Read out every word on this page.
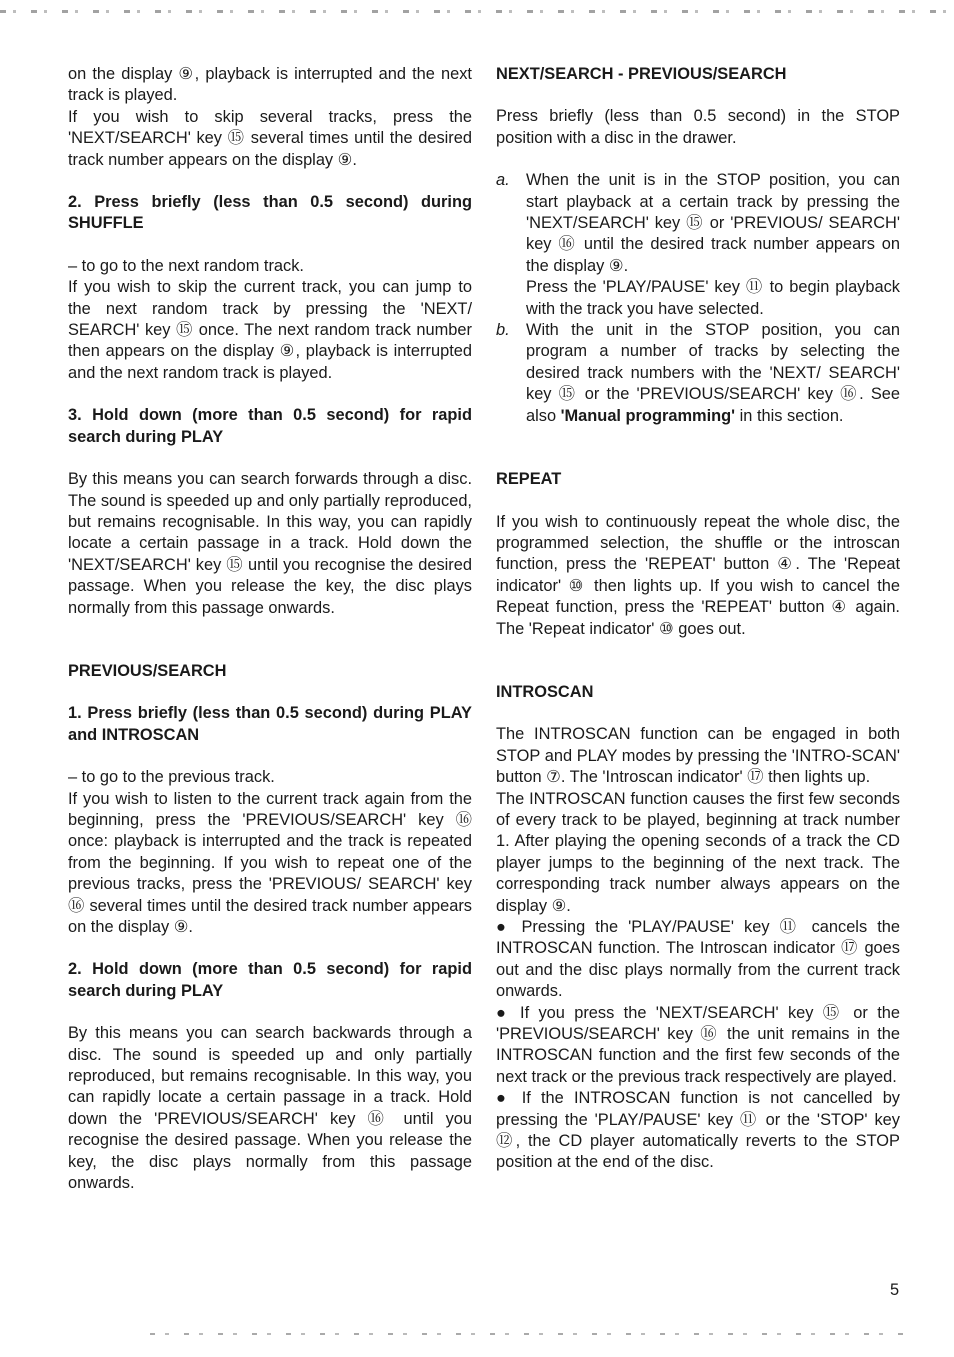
on the display ⑨, playback is interrupted and the next track is played.

If you wish to skip several tracks, press the 'NEXT/SEARCH' key ⑮ several times until the desired track number appears on the display ⑨.

2. Press briefly (less than 0.5 second) during SHUFFLE

– to go to the next random track.

If you wish to skip the current track, you can jump to the next random track by pressing the 'NEXT/ SEARCH' key ⑮ once. The next random track number then appears on the display ⑨, playback is interrupted and the next random track is played.

3. Hold down (more than 0.5 second) for rapid search during PLAY

By this means you can search forwards through a disc. The sound is speeded up and only partially reproduced, but remains recognisable. In this way, you can rapidly locate a certain passage in a track. Hold down the 'NEXT/SEARCH' key ⑮ until you recognise the desired passage. When you release the key, the disc plays normally from this passage onwards.

PREVIOUS/SEARCH
1. Press briefly (less than 0.5 second) during PLAY and INTROSCAN

– to go to the previous track.

If you wish to listen to the current track again from the beginning, press the 'PREVIOUS/SEARCH' key ⑯ once: playback is interrupted and the track is repeated from the beginning. If you wish to repeat one of the previous tracks, press the 'PREVIOUS/ SEARCH' key ⑯ several times until the desired track number appears on the display ⑨.

2. Hold down (more than 0.5 second) for rapid search during PLAY

By this means you can search backwards through a disc. The sound is speeded up and only partially reproduced, but remains recognisable. In this way, you can rapidly locate a certain passage in a track. Hold down the 'PREVIOUS/SEARCH' key ⑯ until you recognise the desired passage. When you release the key, the disc plays normally from this passage onwards.

NEXT/SEARCH - PREVIOUS/SEARCH

Press briefly (less than 0.5 second) in the STOP position with a disc in the drawer.

a. When the unit is in the STOP position, you can start playback at a certain track by pressing the 'NEXT/SEARCH' key ⑮ or 'PREVIOUS/ SEARCH' key ⑯ until the desired track number appears on the display ⑨.

Press the 'PLAY/PAUSE' key ⑪ to begin playback with the track you have selected.

b. With the unit in the STOP position, you can program a number of tracks by selecting the desired track numbers with the 'NEXT/ SEARCH' key ⑮ or the 'PREVIOUS/SEARCH' key ⑯. See also 'Manual programming' in this section.

REPEAT

If you wish to continuously repeat the whole disc, the programmed selection, the shuffle or the introscan function, press the 'REPEAT' button ④. The 'Repeat indicator' ⑩ then lights up. If you wish to cancel the Repeat function, press the 'REPEAT' button ④ again. The 'Repeat indicator' ⑩ goes out.

INTROSCAN

The INTROSCAN function can be engaged in both STOP and PLAY modes by pressing the 'INTRO-SCAN' button ⑦. The 'Introscan indicator' ⑰ then lights up.

The INTROSCAN function causes the first few seconds of every track to be played, beginning at track number 1. After playing the opening seconds of a track the CD player jumps to the beginning of the next track. The corresponding track number always appears on the display ⑨.

● Pressing the 'PLAY/PAUSE' key ⑪ cancels the INTROSCAN function. The Introscan indicator ⑰ goes out and the disc plays normally from the current track onwards.

● If you press the 'NEXT/SEARCH' key ⑮ or the 'PREVIOUS/SEARCH' key ⑯ the unit remains in the INTROSCAN function and the first few seconds of the next track or the previous track respectively are played.

● If the INTROSCAN function is not cancelled by pressing the 'PLAY/PAUSE' key ⑪ or the 'STOP' key ⑫, the CD player automatically reverts to the STOP position at the end of the disc.

5
